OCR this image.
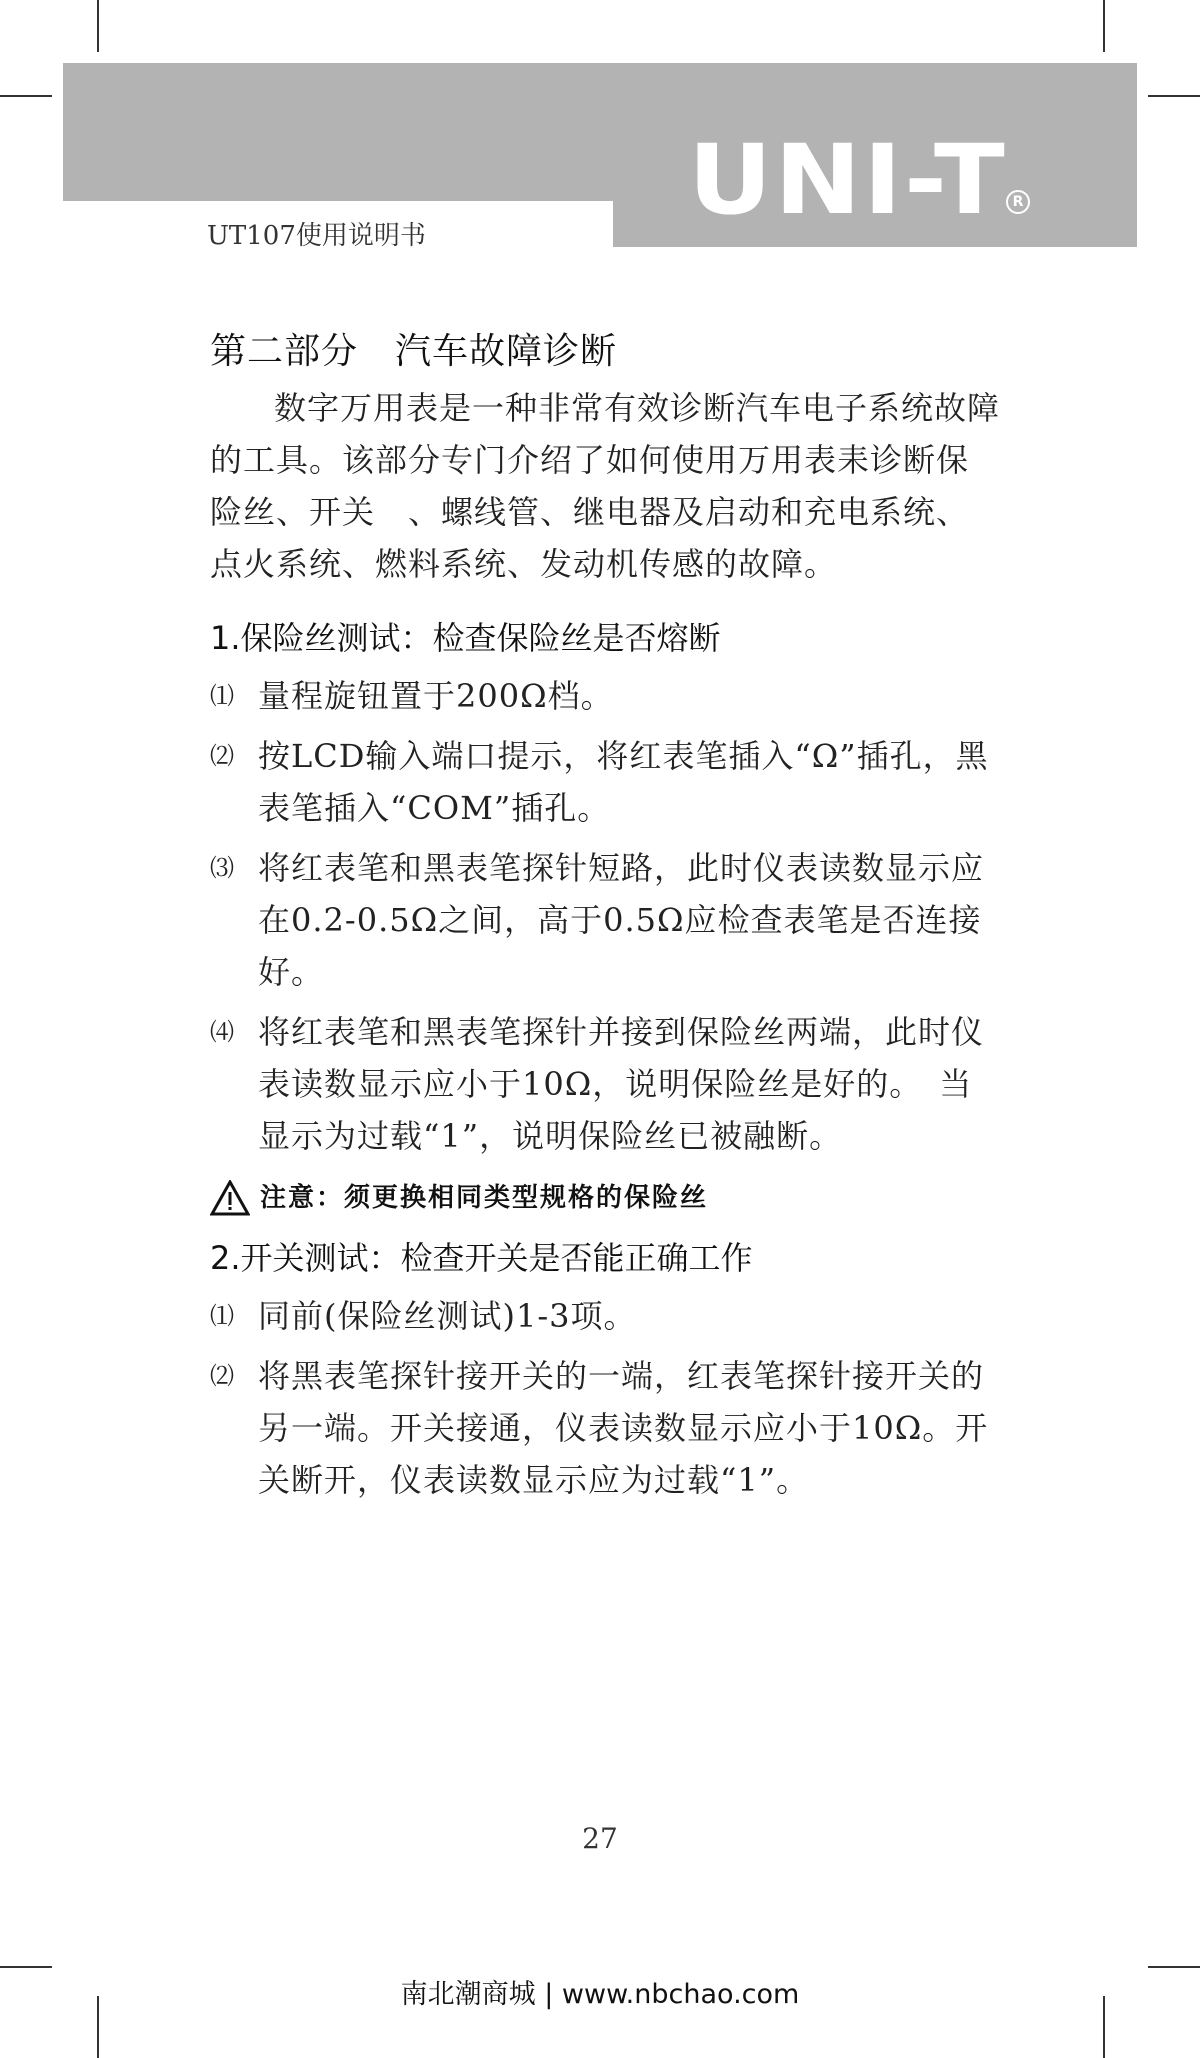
UNI-T R
UT107使用说明书
第二部分　汽车故障诊断

数字万用表是一种非常有效诊断汽车电子系统故障的工具。该部分专门介绍了如何使用万用表耒诊断保险丝、开关　、螺线管、继电器及启动和充电系统、点火系统、燃料系统、发动机传感的故障。

1.保险丝测试：检查保险丝是否熔断
⑴ 量程旋钮置于200Ω档。
⑵ 按LCD输入端口提示，将红表笔插入“Ω”插孔，黑表笔插入“COM”插孔。
⑶ 将红表笔和黑表笔探针短路，此时仪表读数显示应在0.2-0.5Ω之间，高于0.5Ω应检查表笔是否连接好。
⑷ 将红表笔和黑表笔探针并接到保险丝两端，此时仪表读数显示应小于10Ω，说明保险丝是好的。　当显示为过载“1”，说明保险丝已被融断。
注意：须更换相同类型规格的保险丝
2.开关测试：检查开关是否能正确工作
⑴ 同前(保险丝测试)1-3项。
⑵ 将黑表笔探针接开关的一端，红表笔探针接开关的另一端。开关接通，仪表读数显示应小于10Ω。开关断开，仪表读数显示应为过载“1”。
27
南北潮商城 | www.nbchao.com
